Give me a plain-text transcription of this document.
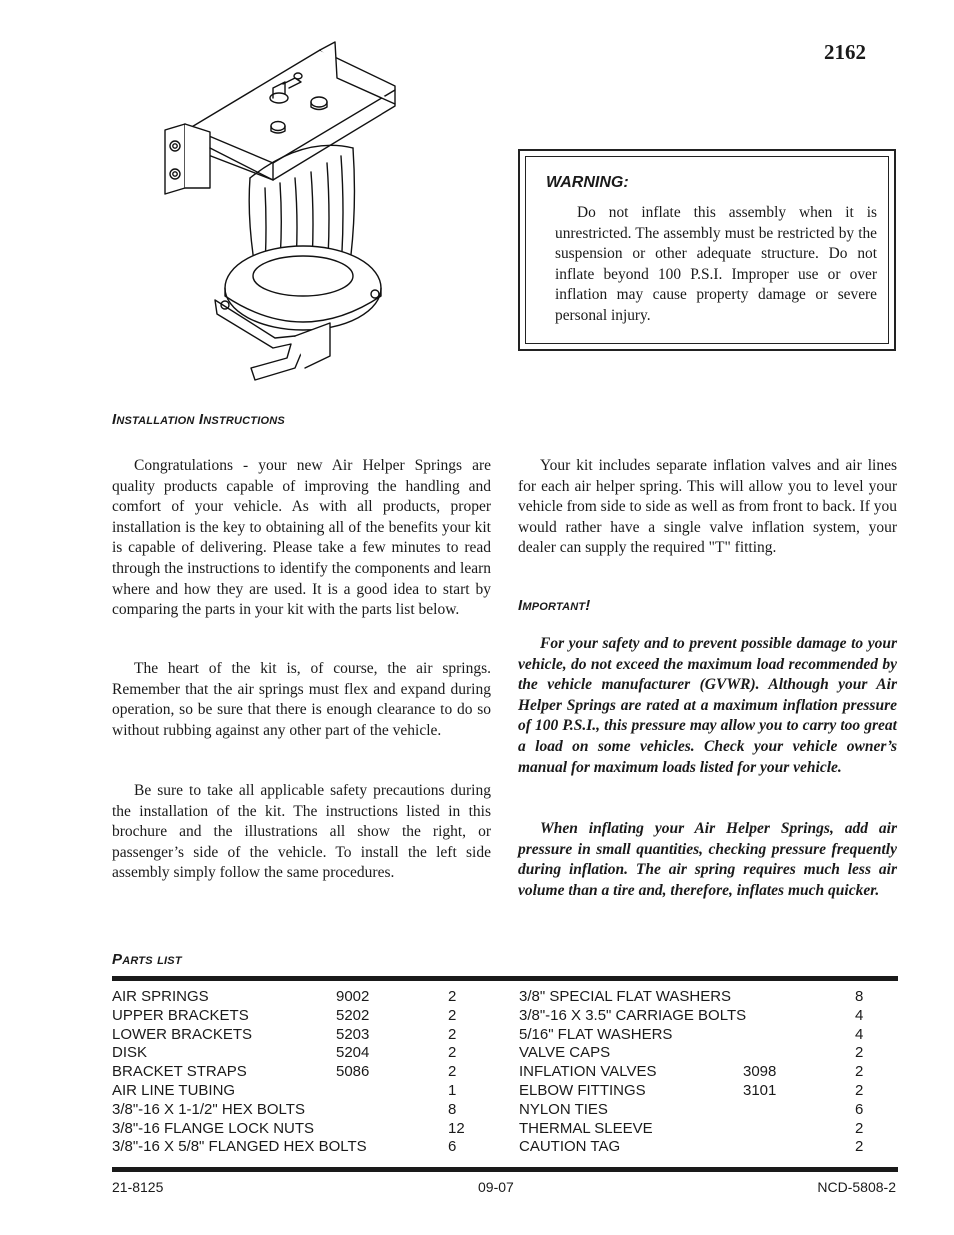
2162
WARNING:

Do not inflate this assembly when it is unrestricted. The assembly must be restricted by the suspension or other adequate structure. Do not inflate beyond 100 P.S.I. Improper use or over inflation may cause property damage or severe personal injury.

Installation Instructions

Congratulations - your new Air Helper Springs are quality products capable of improving the handling and comfort of your vehicle. As with all products, proper installation is the key to obtaining all of the benefits your kit is capable of delivering. Please take a few minutes to read through the instructions to identify the components and learn where and how they are used. It is a good idea to start by comparing the parts in your kit with the parts list below.

The heart of the kit is, of course, the air springs. Remember that the air springs must flex and expand during operation, so be sure that there is enough clearance to do so without rubbing against any other part of the vehicle.

Be sure to take all applicable safety precautions during the installation of the kit. The instructions listed in this brochure and the illustrations all show the right, or passenger’s side of the vehicle. To install the left side assembly simply follow the same procedures.

Your kit includes separate inflation valves and air lines for each air helper spring. This will allow you to level your vehicle from side to side as well as from front to back. If you would rather have a single valve inflation system, your dealer can supply the required "T" fitting.

Important!

For your safety and to prevent possible damage to your vehicle, do not exceed the maximum load recommended by the vehicle manufacturer (GVWR). Although your Air Helper Springs are rated at a maximum inflation pressure of 100 P.S.I., this pressure may allow you to carry too great a load on some vehicles. Check your vehicle owner’s manual for maximum loads listed for your vehicle.

When inflating your Air Helper Springs, add air pressure in small quantities, checking pressure frequently during inflation. The air spring requires much less air volume than a tire and, therefore, inflates much quicker.

Parts list
AIR SPRINGS	9002	2
UPPER BRACKETS	5202	2
LOWER BRACKETS	5203	2
DISK	5204	2
BRACKET STRAPS	5086	2
AIR LINE TUBING	1
3/8"-16 X 1-1/2" HEX BOLTS	8
3/8"-16 FLANGE LOCK NUTS	12
3/8"-16 X 5/8" FLANGED HEX BOLTS	6
3/8" SPECIAL FLAT WASHERS	8
3/8"-16 X 3.5" CARRIAGE BOLTS	4
5/16" FLAT WASHERS	4
VALVE CAPS	2
INFLATION VALVES	3098	2
ELBOW FITTINGS	3101	2
NYLON TIES	6
THERMAL SLEEVE	2
CAUTION TAG	2
21-8125	09-07	NCD-5808-2
